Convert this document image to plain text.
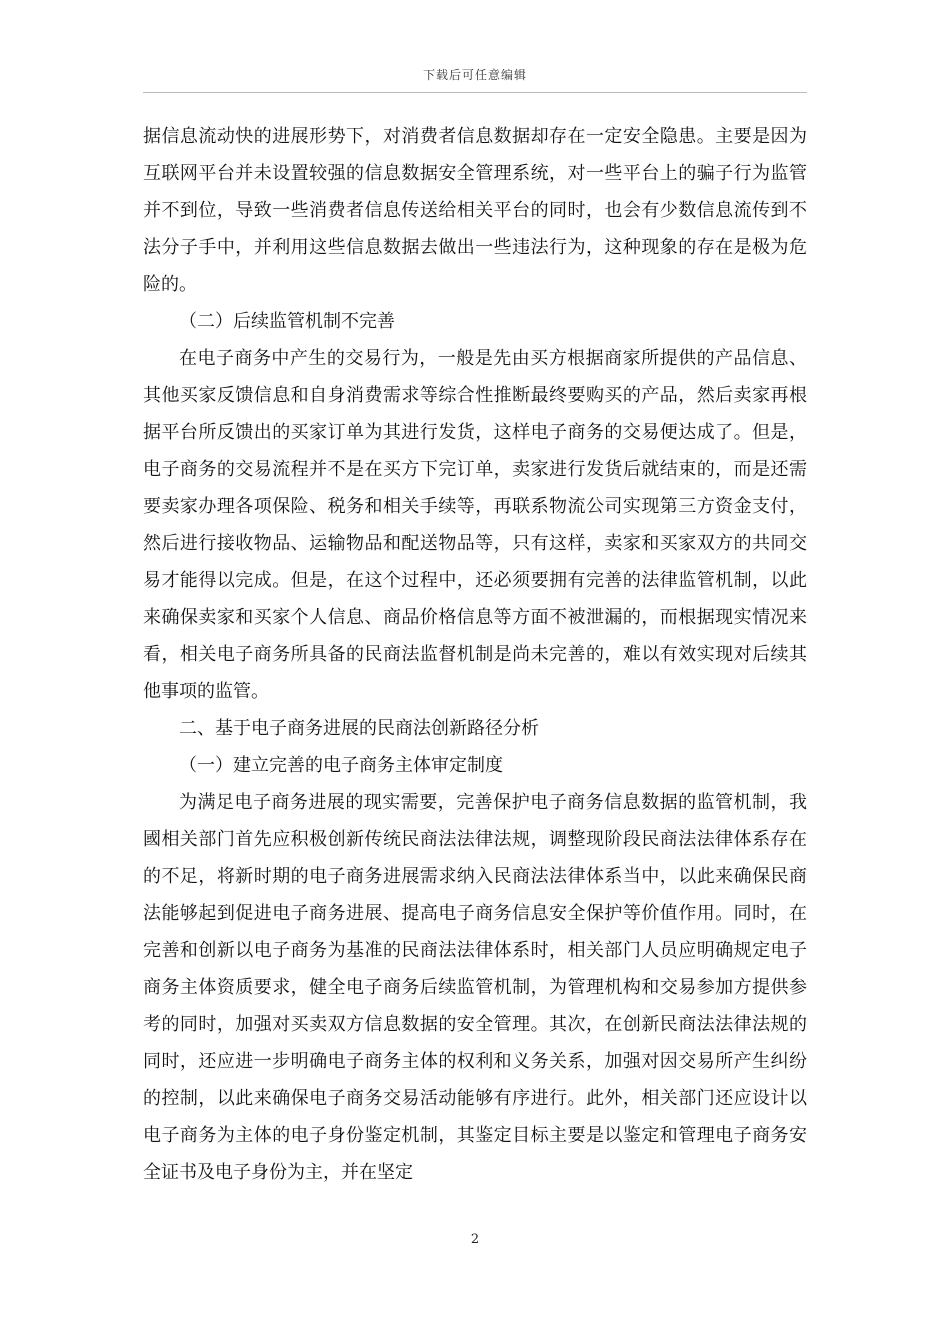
下载后可任意编辑

据信息流动快的进展形势下，对消费者信息数据却存在一定安全隐患。主要是因为互联网平台并未设置较强的信息数据安全管理系统，对一些平台上的骗子行为监管并不到位，导致一些消费者信息传送给相关平台的同时，也会有少数信息流传到不法分子手中，并利用这些信息数据去做出一些违法行为，这种现象的存在是极为危险的。

（二）后续监管机制不完善

在电子商务中产生的交易行为，一般是先由买方根据商家所提供的产品信息、其他买家反馈信息和自身消费需求等综合性推断最终要购买的产品，然后卖家再根据平台所反馈出的买家订单为其进行发货，这样电子商务的交易便达成了。但是，电子商务的交易流程并不是在买方下完订单，卖家进行发货后就结束的，而是还需要卖家办理各项保险、税务和相关手续等，再联系物流公司实现第三方资金支付，然后进行接收物品、运输物品和配送物品等，只有这样，卖家和买家双方的共同交易才能得以完成。但是，在这个过程中，还必须要拥有完善的法律监管机制，以此来确保卖家和买家个人信息、商品价格信息等方面不被泄漏的，而根据现实情况来看，相关电子商务所具备的民商法监督机制是尚未完善的，难以有效实现对后续其他事项的监管。

二、基于电子商务进展的民商法创新路径分析

（一）建立完善的电子商务主体审定制度

为满足电子商务进展的现实需要，完善保护电子商务信息数据的监管机制，我國相关部门首先应积极创新传统民商法法律法规，调整现阶段民商法法律体系存在的不足，将新时期的电子商务进展需求纳入民商法法律体系当中，以此来确保民商法能够起到促进电子商务进展、提高电子商务信息安全保护等价值作用。同时，在完善和创新以电子商务为基准的民商法法律体系时，相关部门人员应明确规定电子商务主体资质要求，健全电子商务后续监管机制，为管理机构和交易参加方提供参考的同时，加强对买卖双方信息数据的安全管理。其次，在创新民商法法律法规的同时，还应进一步明确电子商务主体的权利和义务关系，加强对因交易所产生纠纷的控制，以此来确保电子商务交易活动能够有序进行。此外，相关部门还应设计以电子商务为主体的电子身份鉴定机制，其鉴定目标主要是以鉴定和管理电子商务安全证书及电子身份为主，并在坚定

2
